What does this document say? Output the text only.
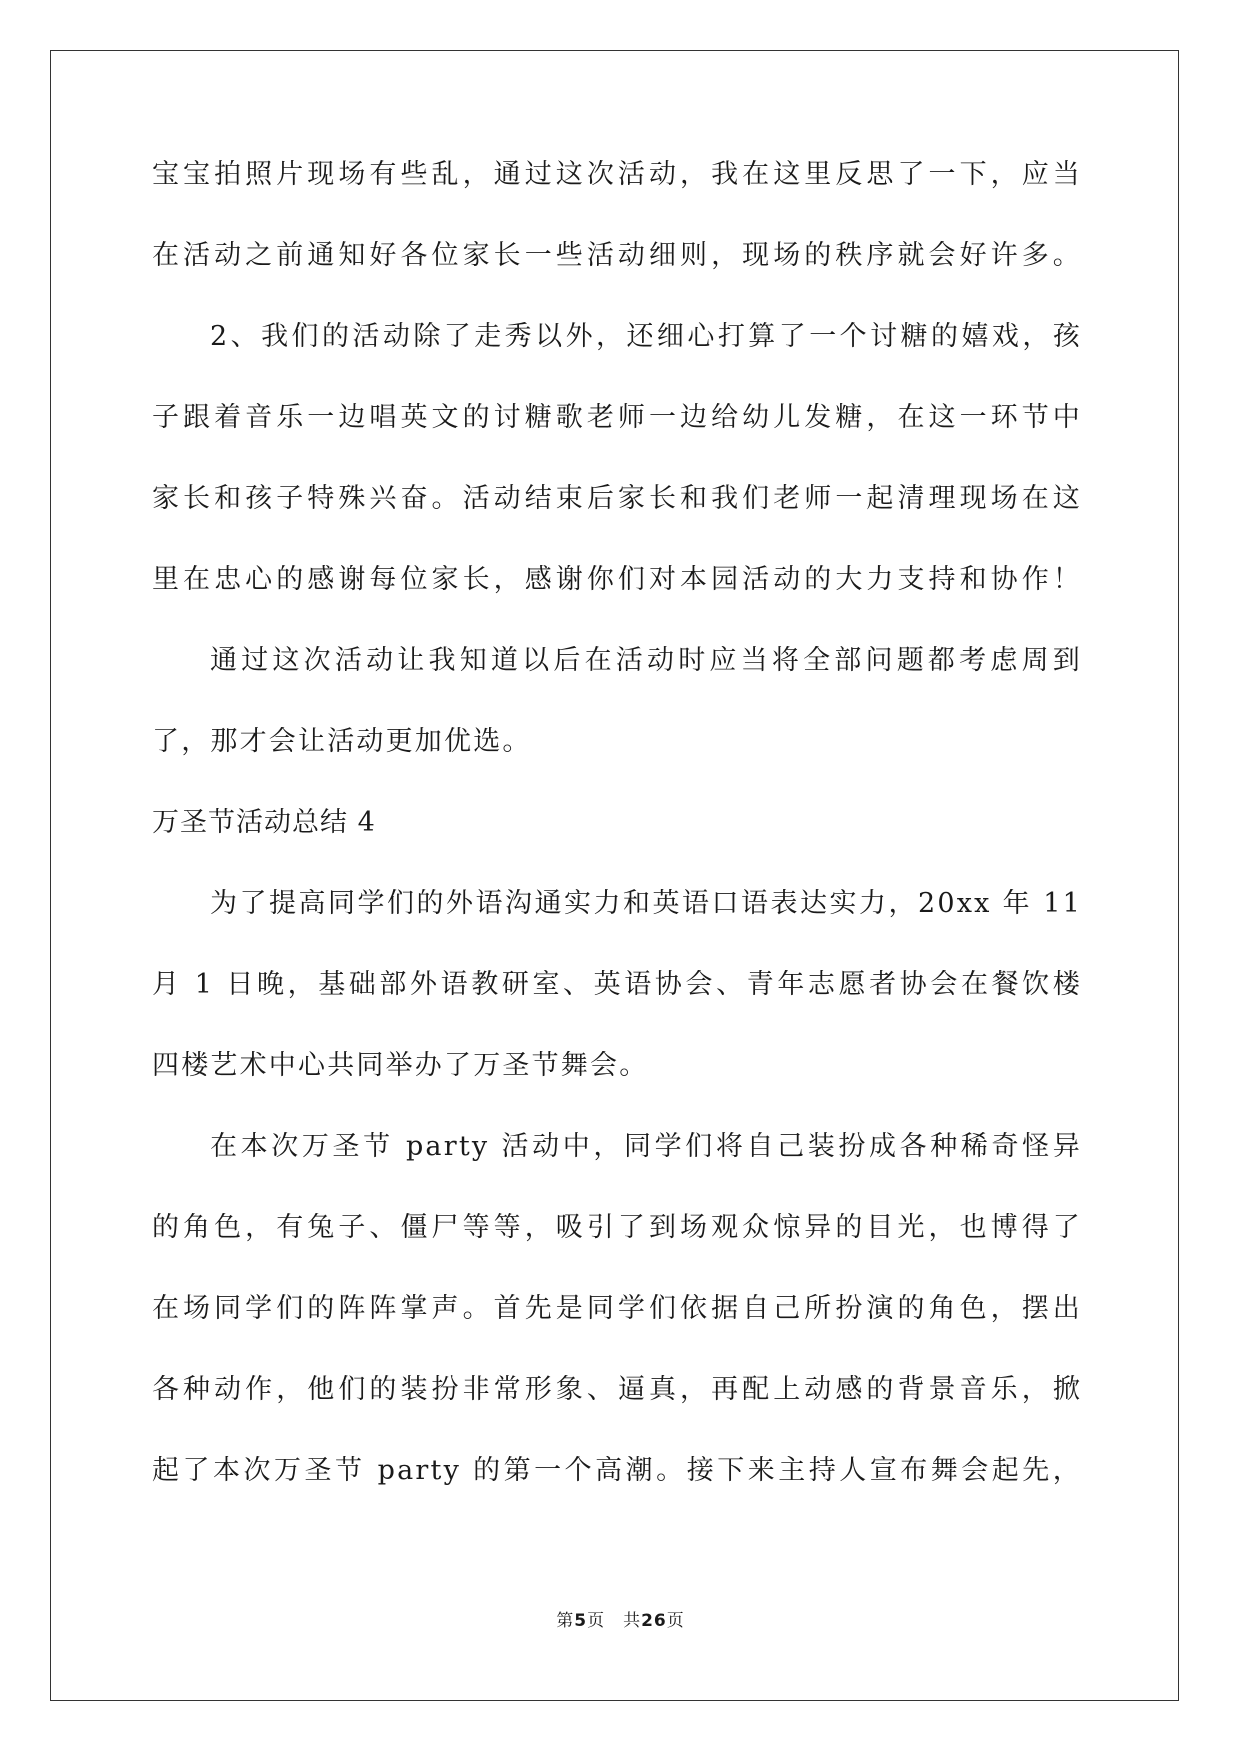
宝宝拍照片现场有些乱，通过这次活动，我在这里反思了一下，应当
在活动之前通知好各位家长一些活动细则，现场的秩序就会好许多。
2、我们的活动除了走秀以外，还细心打算了一个讨糖的嬉戏，孩
子跟着音乐一边唱英文的讨糖歌老师一边给幼儿发糖，在这一环节中
家长和孩子特殊兴奋。活动结束后家长和我们老师一起清理现场在这
里在忠心的感谢每位家长，感谢你们对本园活动的大力支持和协作！
通过这次活动让我知道以后在活动时应当将全部问题都考虑周到
了，那才会让活动更加优选。
万圣节活动总结 4
为了提高同学们的外语沟通实力和英语口语表达实力，20xx 年 11
月 1 日晚，基础部外语教研室、英语协会、青年志愿者协会在餐饮楼
四楼艺术中心共同举办了万圣节舞会。
在本次万圣节 party 活动中，同学们将自己装扮成各种稀奇怪异
的角色，有兔子、僵尸等等，吸引了到场观众惊异的目光，也博得了
在场同学们的阵阵掌声。首先是同学们依据自己所扮演的角色，摆出
各种动作，他们的装扮非常形象、逼真，再配上动感的背景音乐，掀
起了本次万圣节 party 的第一个高潮。接下来主持人宣布舞会起先，
第5页 共26页
